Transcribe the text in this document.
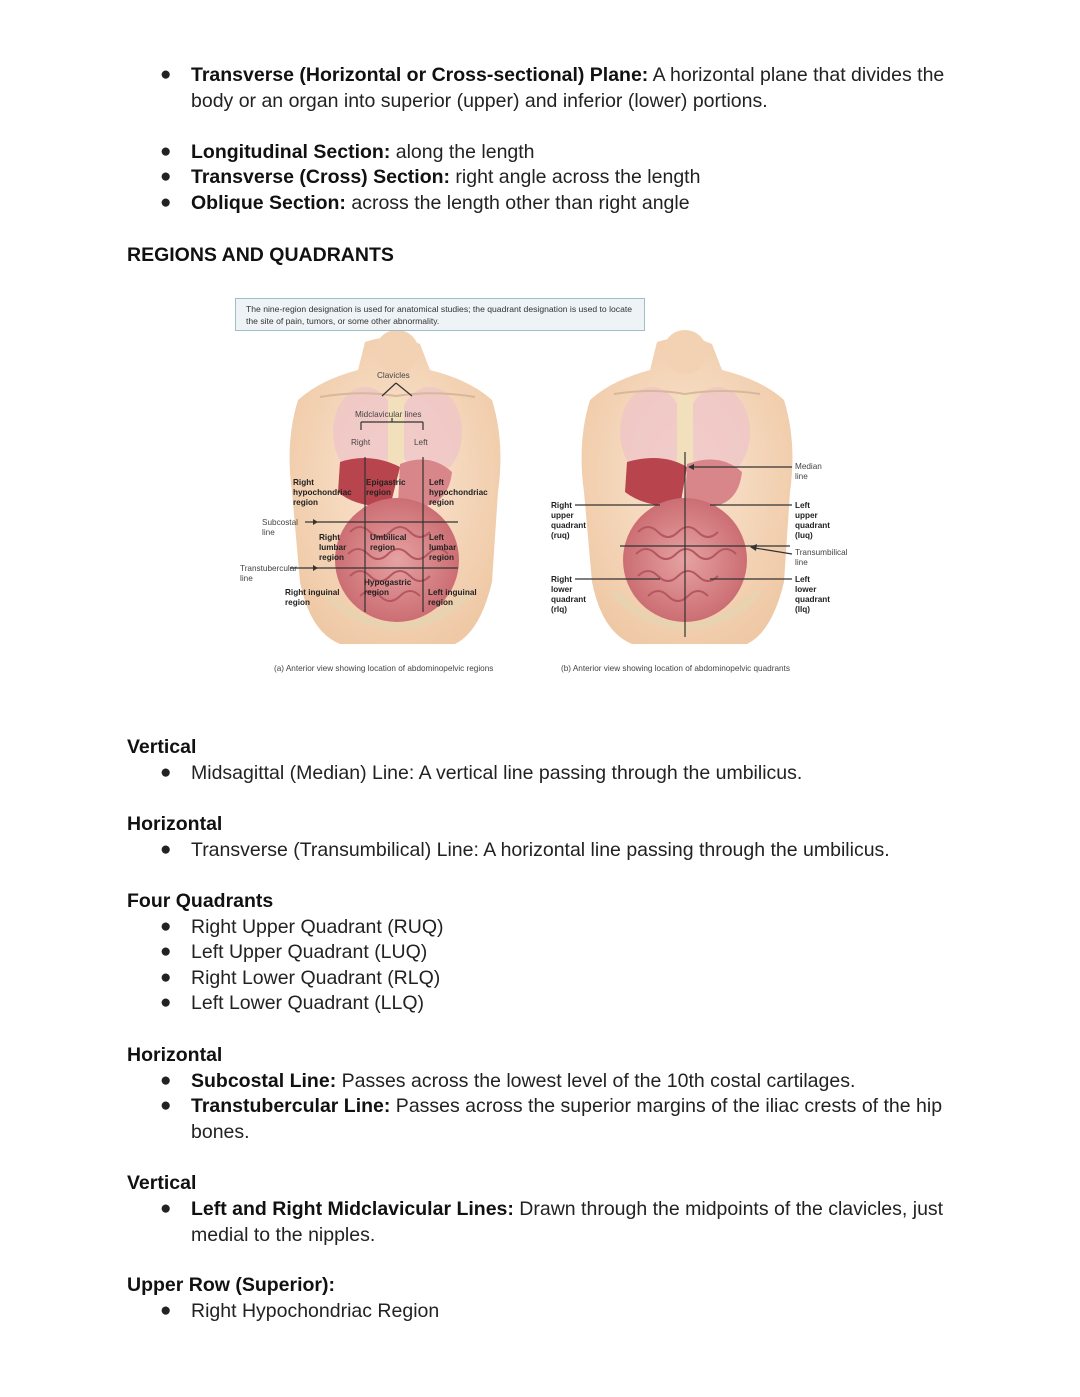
● Transverse (Horizontal or Cross-sectional) Plane: A horizontal plane that divides the
body or an organ into superior (upper) and inferior (lower) portions.
● Longitudinal Section: along the length
● Transverse (Cross) Section: right angle across the length
● Oblique Section: across the length other than right angle
REGIONS AND QUADRANTS
The nine-region designation is used for anatomical studies; the quadrant designation is used to locate the site of pain, tumors, or some other abnormality.
Clavicles
Midclavicular lines
Right	Left
Right
hypochondriac
region
Epigastric
region
Left
hypochondriac
region
Subcostal
line
Right
lumbar
region
Umbilical
region
Left
lumbar
region
Transtubercular
line
Right inguinal
region
Hypogastric
region	Left inguinal
region
Median
line
Right
upper
quadrant
(ruq)
Left
upper
quadrant
(luq)
Transumbilical
line
Right
lower
quadrant
(rlq)
Left
lower
quadrant
(llq)
(a) Anterior view showing location of abdominopelvic regions	(b) Anterior view showing location of abdominopelvic quadrants
Vertical
● Midsagittal (Median) Line: A vertical line passing through the umbilicus.
Horizontal
● Transverse (Transumbilical) Line: A horizontal line passing through the umbilicus.
Four Quadrants
● Right Upper Quadrant (RUQ)
● Left Upper Quadrant (LUQ)
● Right Lower Quadrant (RLQ)
● Left Lower Quadrant (LLQ)
Horizontal
● Subcostal Line: Passes across the lowest level of the 10th costal cartilages.
● Transtubercular Line: Passes across the superior margins of the iliac crests of the hip
bones.
Vertical
● Left and Right Midclavicular Lines: Drawn through the midpoints of the clavicles, just
medial to the nipples.
Upper Row (Superior):
● Right Hypochondriac Region
